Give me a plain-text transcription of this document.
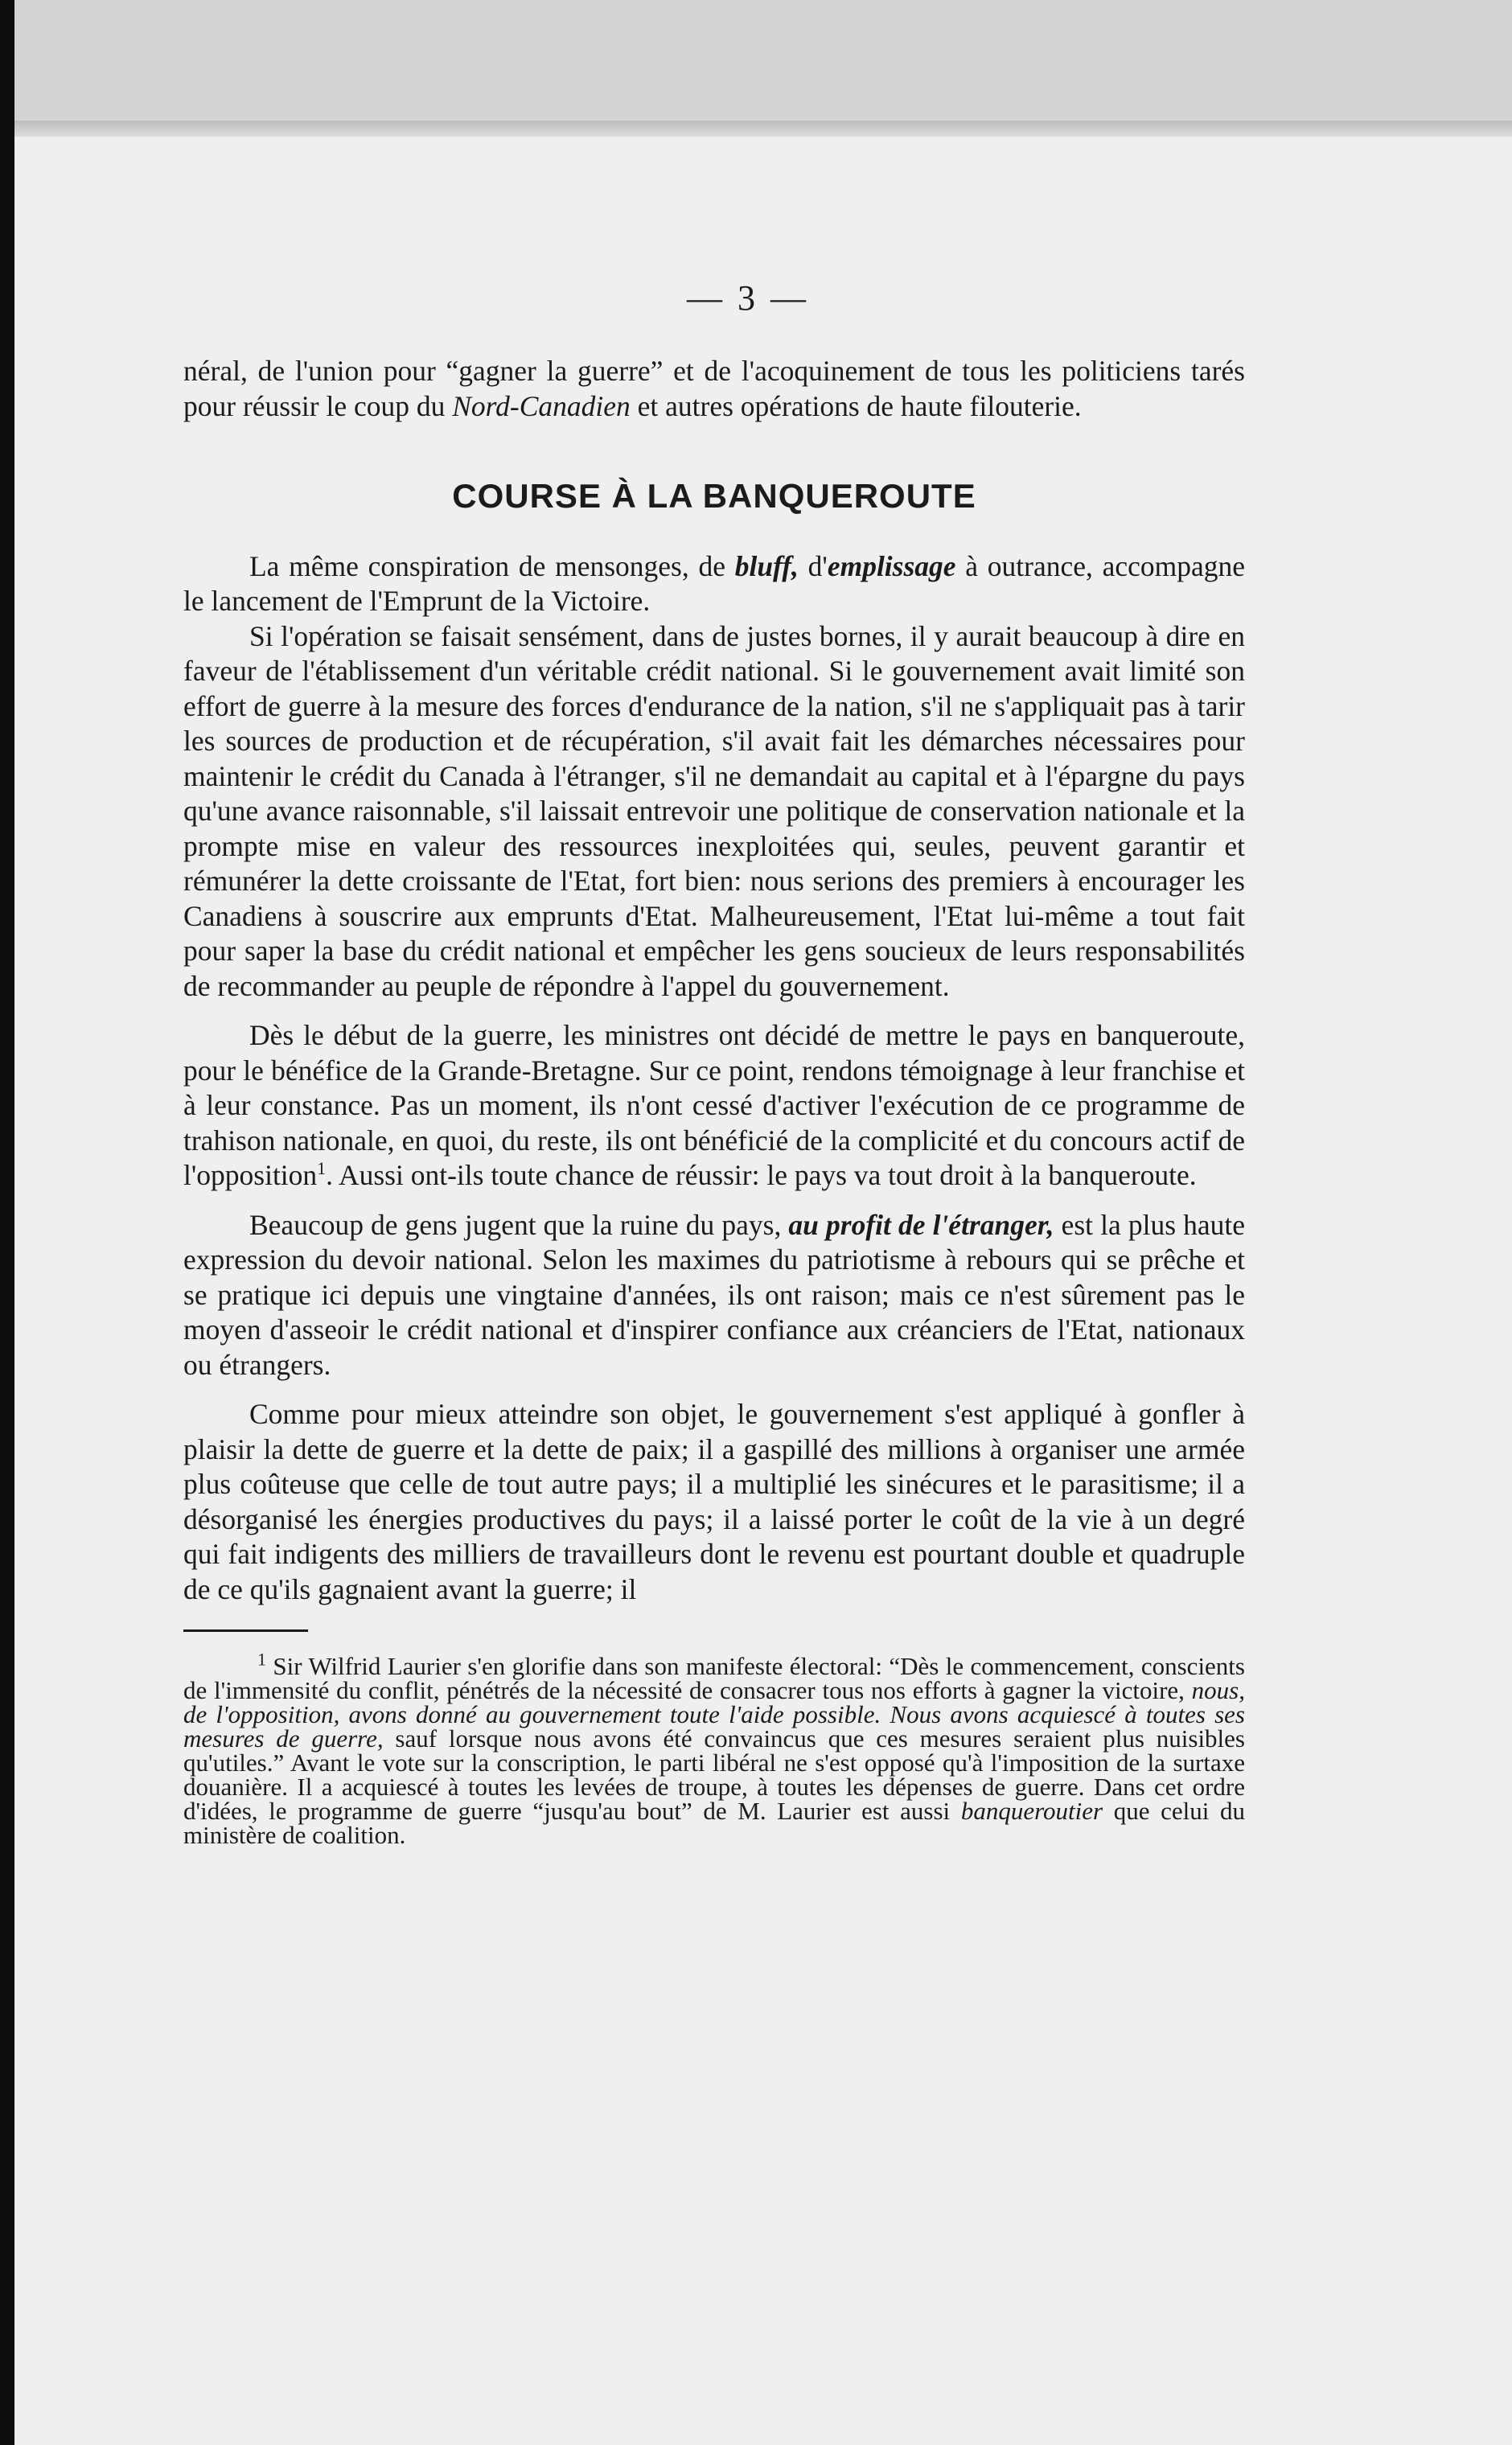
— 3 —

néral, de l'union pour “gagner la guerre” et de l'acoquinement de tous les politiciens tarés pour réussir le coup du Nord-Canadien et autres opérations de haute filouterie.

COURSE À LA BANQUEROUTE

La même conspiration de mensonges, de bluff, d'emplissage à outrance, accompagne le lancement de l'Emprunt de la Victoire.

Si l'opération se faisait sensément, dans de justes bornes, il y aurait beaucoup à dire en faveur de l'établissement d'un véritable crédit national. Si le gouvernement avait limité son effort de guerre à la mesure des forces d'endurance de la nation, s'il ne s'appliquait pas à tarir les sources de production et de récupération, s'il avait fait les démarches nécessaires pour maintenir le crédit du Canada à l'étranger, s'il ne demandait au capital et à l'épargne du pays qu'une avance raisonnable, s'il laissait entrevoir une politique de conservation nationale et la prompte mise en valeur des ressources inexploitées qui, seules, peuvent garantir et rémunérer la dette croissante de l'Etat, fort bien: nous serions des premiers à encourager les Canadiens à souscrire aux emprunts d'Etat. Malheureusement, l'Etat lui-même a tout fait pour saper la base du crédit national et empêcher les gens soucieux de leurs responsabilités de recommander au peuple de répondre à l'appel du gouvernement.

Dès le début de la guerre, les ministres ont décidé de mettre le pays en banqueroute, pour le bénéfice de la Grande-Bretagne. Sur ce point, rendons témoignage à leur franchise et à leur constance. Pas un moment, ils n'ont cessé d'activer l'exécution de ce programme de trahison nationale, en quoi, du reste, ils ont bénéficié de la complicité et du concours actif de l'opposition$^1$. Aussi ont-ils toute chance de réussir: le pays va tout droit à la banqueroute.

Beaucoup de gens jugent que la ruine du pays, au profit de l'étranger, est la plus haute expression du devoir national. Selon les maximes du patriotisme à rebours qui se prêche et se pratique ici depuis une vingtaine d'années, ils ont raison; mais ce n'est sûrement pas le moyen d'asseoir le crédit national et d'inspirer confiance aux créanciers de l'Etat, nationaux ou étrangers.

Comme pour mieux atteindre son objet, le gouvernement s'est appliqué à gonfler à plaisir la dette de guerre et la dette de paix; il a gaspillé des millions à organiser une armée plus coûteuse que celle de tout autre pays; il a multiplié les sinécures et le parasitisme; il a désorganisé les énergies productives du pays; il a laissé porter le coût de la vie à un degré qui fait indigents des milliers de travailleurs dont le revenu est pourtant double et quadruple de ce qu'ils gagnaient avant la guerre; il

$^1$ Sir Wilfrid Laurier s'en glorifie dans son manifeste électoral: “Dès le commencement, conscients de l'immensité du conflit, pénétrés de la nécessité de consacrer tous nos efforts à gagner la victoire, nous, de l'opposition, avons donné au gouvernement toute l'aide possible. Nous avons acquiescé à toutes ses mesures de guerre, sauf lorsque nous avons été convaincus que ces mesures seraient plus nuisibles qu'utiles.” Avant le vote sur la conscription, le parti libéral ne s'est opposé qu'à l'imposition de la surtaxe douanière. Il a acquiescé à toutes les levées de troupe, à toutes les dépenses de guerre. Dans cet ordre d'idées, le programme de guerre “jusqu'au bout” de M. Laurier est aussi banqueroutier que celui du ministère de coalition.
